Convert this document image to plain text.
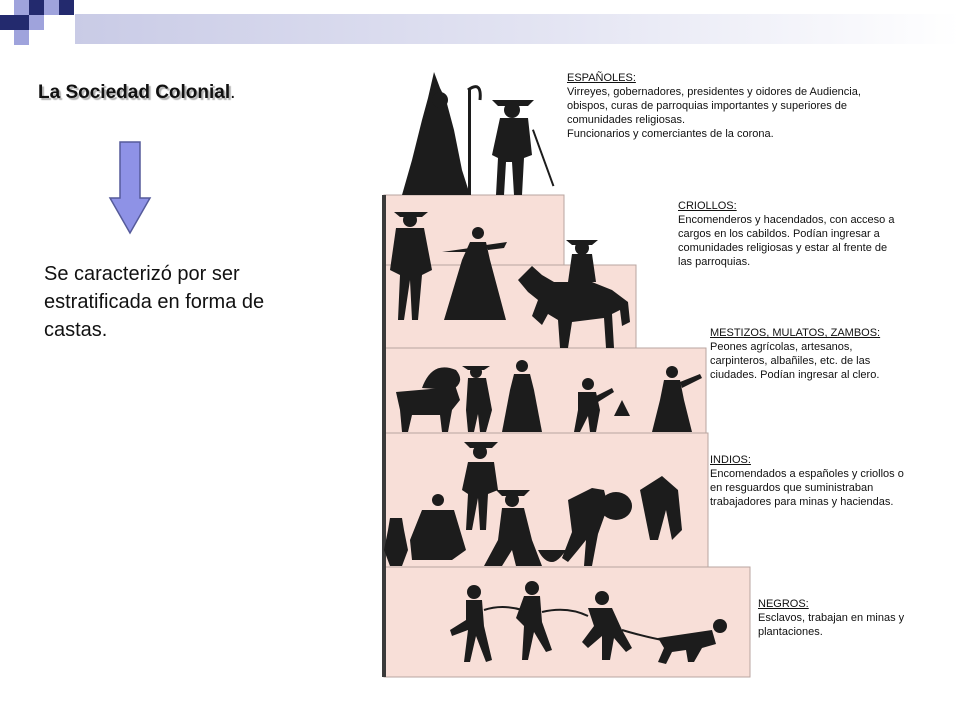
La Sociedad Colonial.
Se caracterizó por ser estratificada en forma de castas.
ESPAÑOLES:
Virreyes, gobernadores, presidentes y oidores de Audiencia,
obispos, curas de parroquias importantes y superiores de
comunidades religiosas.
Funcionarios y comerciantes de la corona.
CRIOLLOS:
Encomenderos y hacendados, con acceso a
cargos en los cabildos. Podían ingresar a
comunidades religiosas y estar al frente de
las parroquias.
MESTIZOS, MULATOS, ZAMBOS:
Peones agrícolas, artesanos,
carpinteros, albañiles, etc. de las
ciudades. Podían ingresar al clero.
INDIOS:
Encomendados a españoles y criollos o
en resguardos que suministraban
trabajadores para minas y haciendas.
NEGROS:
Esclavos, trabajan en minas y
plantaciones.
